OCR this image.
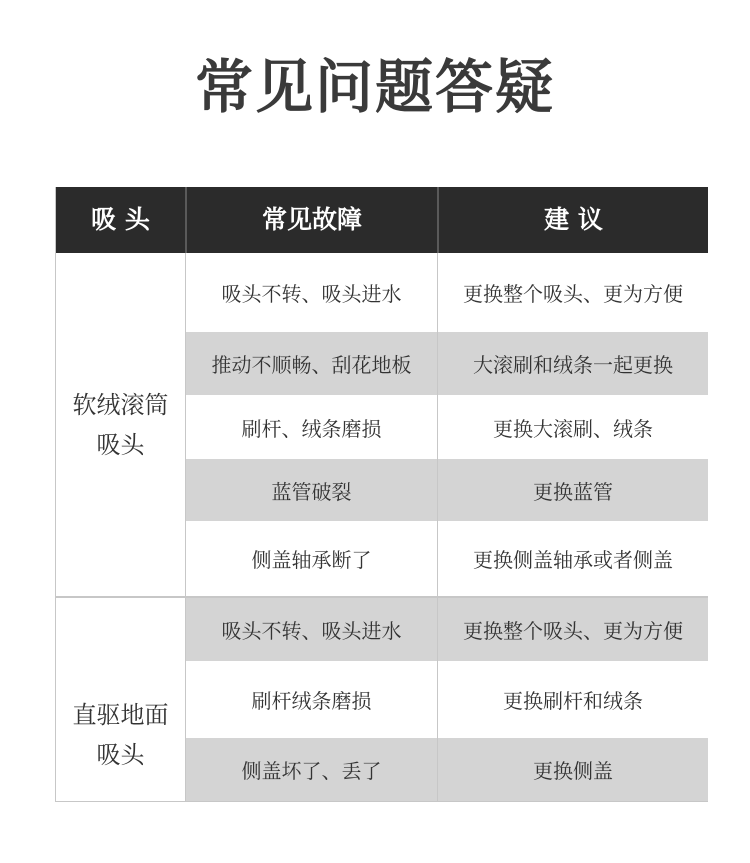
常见问题答疑
吸 头	常见故障	建 议
软绒滚筒吸头
吸头不转、吸头进水	更换整个吸头、更为方便
推动不顺畅、刮花地板	大滚刷和绒条一起更换
刷杆、绒条磨损	更换大滚刷、绒条
蓝管破裂	更换蓝管
侧盖轴承断了	更换侧盖轴承或者侧盖
直驱地面吸头
吸头不转、吸头进水	更换整个吸头、更为方便
刷杆绒条磨损	更换刷杆和绒条
侧盖坏了、丢了	更换侧盖
